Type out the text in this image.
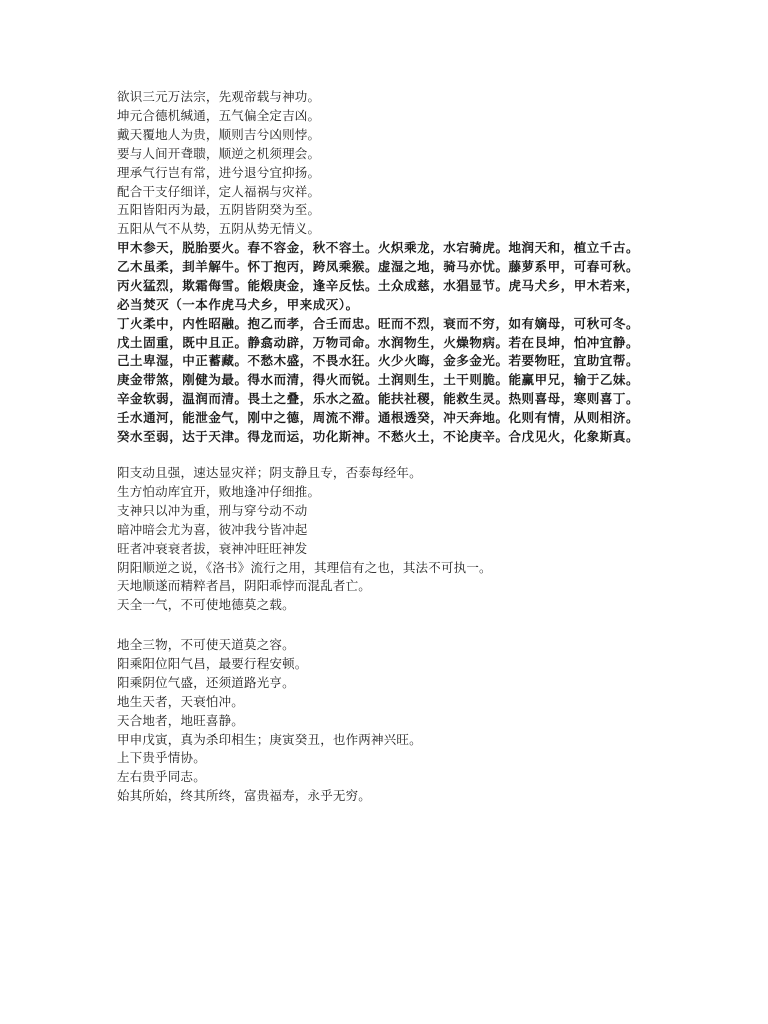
欲识三元万法宗，先观帝载与神功。
坤元合德机缄通，五气偏全定吉凶。
戴天覆地人为贵，顺则吉兮凶则悖。
要与人间开聋聩，顺逆之机须理会。
理承气行岂有常，进兮退兮宜抑扬。
配合干支仔细详，定人福祸与灾祥。
五阳皆阳丙为最，五阴皆阴癸为至。
五阳从气不从势，五阴从势无情义。
甲木参天，脱胎要火。春不容金，秋不容土。火炽乘龙，水宕骑虎。地润天和，植立千古。
乙木虽柔，刲羊解牛。怀丁抱丙，跨凤乘猴。虚湿之地，骑马亦忧。藤萝系甲，可春可秋。
丙火猛烈，欺霜侮雪。能煅庚金，逢辛反怯。土众成慈，水猖显节。虎马犬乡，甲木若来，
必当焚灭（一本作虎马犬乡，甲来成灭）。
丁火柔中，内性昭融。抱乙而孝，合壬而忠。旺而不烈，衰而不穷，如有嫡母，可秋可冬。
戊土固重，既中且正。静翕动辟，万物司命。水润物生，火燥物病。若在艮坤，怕冲宜静。
己土卑湿，中正蓄藏。不愁木盛，不畏水狂。火少火晦，金多金光。若要物旺，宜助宜帮。
庚金带煞，刚健为最。得水而清，得火而锐。土润则生，土干则脆。能赢甲兄，输于乙妹。
辛金软弱，温润而清。畏土之叠，乐水之盈。能扶社稷，能救生灵。热则喜母，寒则喜丁。
壬水通河，能泄金气，刚中之德，周流不滞。通根透癸，冲天奔地。化则有情，从则相济。
癸水至弱，达于天津。得龙而运，功化斯神。不愁火土，不论庚辛。合戊见火，化象斯真。
阳支动且强，速达显灾祥；阴支静且专，否泰每经年。
生方怕动库宜开，败地逢冲仔细推。
支神只以冲为重，刑与穿兮动不动
暗冲暗会尤为喜，彼冲我兮皆冲起
旺者冲衰衰者拔，衰神冲旺旺神发
阴阳顺逆之说，《洛书》流行之用，其理信有之也，其法不可执一。
天地顺遂而精粹者昌，阴阳乖悖而混乱者亡。
天全一气，不可使地德莫之载。
地全三物，不可使天道莫之容。
阳乘阳位阳气昌，最要行程安顿。
阳乘阴位气盛，还须道路光亨。
地生天者，天衰怕冲。
天合地者，地旺喜静。
甲申戊寅，真为杀印相生；庚寅癸丑，也作两神兴旺。
上下贵乎情协。
左右贵乎同志。
始其所始，终其所终，富贵福寿，永乎无穷。
